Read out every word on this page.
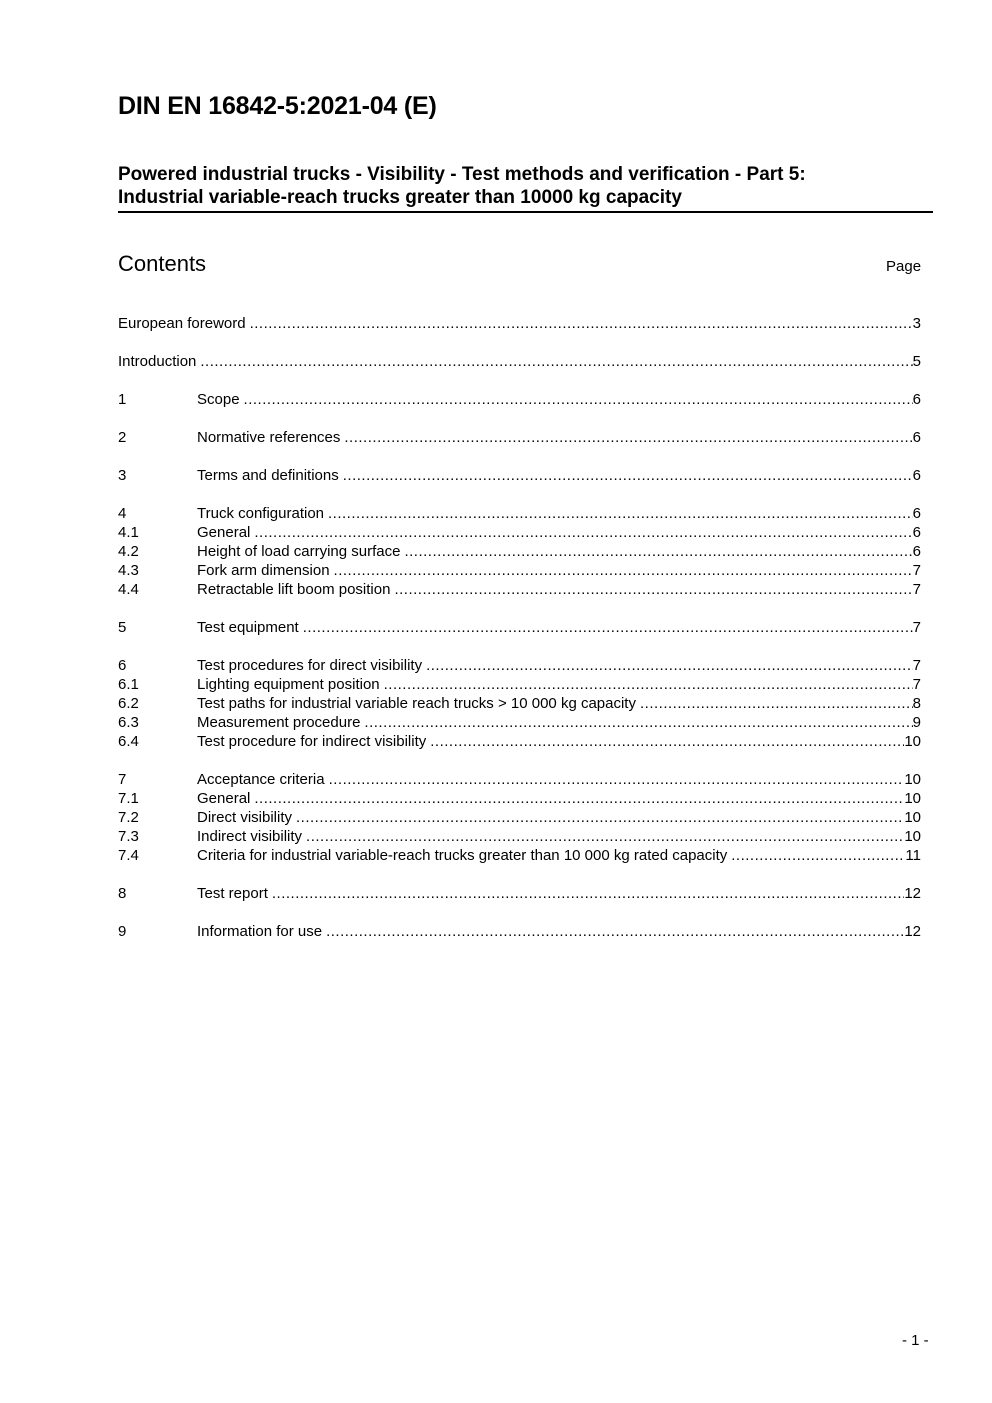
DIN EN 16842-5:2021-04 (E)
Powered industrial trucks - Visibility - Test methods and verification - Part 5:
Industrial variable-reach trucks greater than 10000 kg capacity
Contents	Page
European foreword .....	3
Introduction .....	5
1	Scope .....	6
2	Normative references .....	6
3	Terms and definitions .....	6
4	Truck configuration .....	6
4.1	General .....	6
4.2	Height of load carrying surface .....	6
4.3	Fork arm dimension .....	7
4.4	Retractable lift boom position .....	7
5	Test equipment .....	7
6	Test procedures for direct visibility .....	7
6.1	Lighting equipment position .....	7
6.2	Test paths for industrial variable reach trucks > 10 000 kg capacity .....	8
6.3	Measurement procedure .....	9
6.4	Test procedure for indirect visibility .....	10
7	Acceptance criteria .....	10
7.1	General .....	10
7.2	Direct visibility .....	10
7.3	Indirect visibility .....	10
7.4	Criteria for industrial variable-reach trucks greater than 10 000 kg rated capacity .....	11
8	Test report .....	12
9	Information for use .....	12
- 1 -
